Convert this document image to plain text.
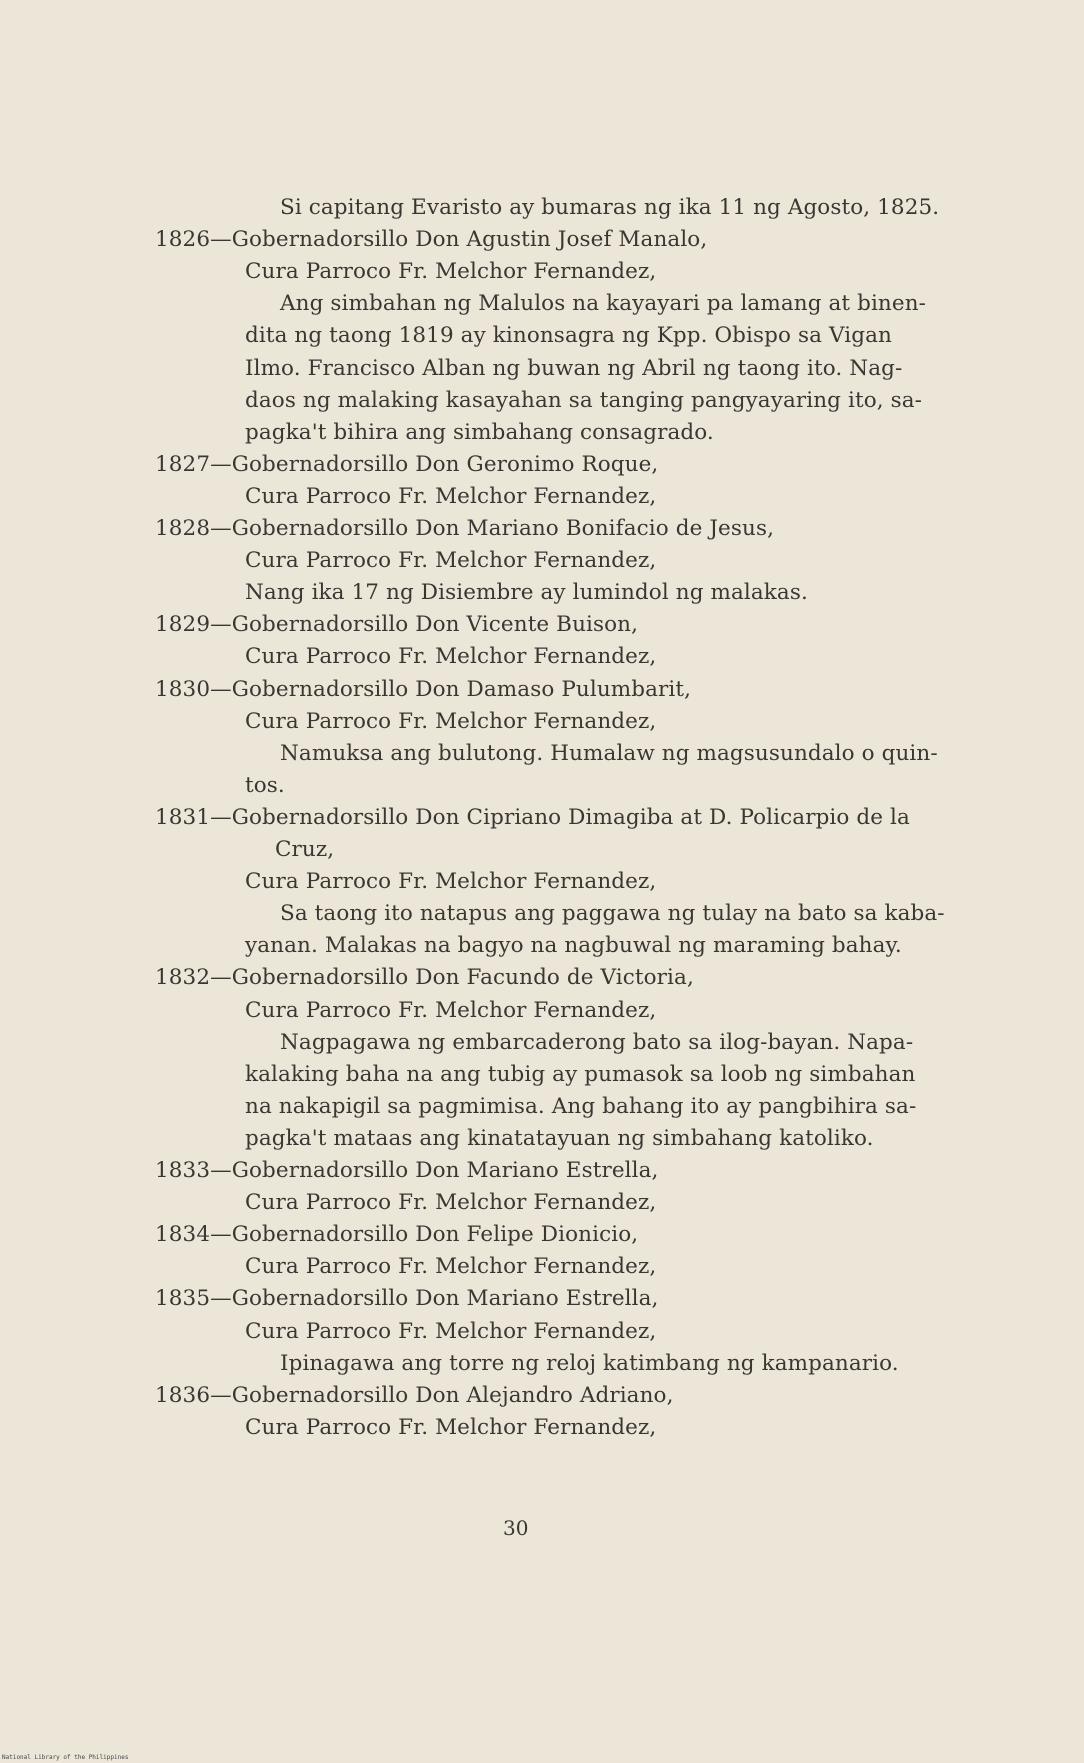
Si capitang Evaristo ay bumaras ng ika 11 ng Agosto, 1825.
1826—Gobernadorsillo Don Agustin Josef Manalo,
Cura Parroco Fr. Melchor Fernandez,
Ang simbahan ng Malulos na kayayari pa lamang at binen-
dita ng taong 1819 ay kinonsagra ng Kpp. Obispo sa Vigan
Ilmo. Francisco Alban ng buwan ng Abril ng taong ito. Nag-
daos ng malaking kasayahan sa tanging pangyayaring ito, sa-
pagka't bihira ang simbahang consagrado.
1827—Gobernadorsillo Don Geronimo Roque,
Cura Parroco Fr. Melchor Fernandez,
1828—Gobernadorsillo Don Mariano Bonifacio de Jesus,
Cura Parroco Fr. Melchor Fernandez,
Nang ika 17 ng Disiembre ay lumindol ng malakas.
1829—Gobernadorsillo Don Vicente Buison,
Cura Parroco Fr. Melchor Fernandez,
1830—Gobernadorsillo Don Damaso Pulumbarit,
Cura Parroco Fr. Melchor Fernandez,
Namuksa ang bulutong. Humalaw ng magsusundalo o quin-
tos.
1831—Gobernadorsillo Don Cipriano Dimagiba at D. Policarpio de la
Cruz,
Cura Parroco Fr. Melchor Fernandez,
Sa taong ito natapus ang paggawa ng tulay na bato sa kaba-
yanan. Malakas na bagyo na nagbuwal ng maraming bahay.
1832—Gobernadorsillo Don Facundo de Victoria,
Cura Parroco Fr. Melchor Fernandez,
Nagpagawa ng embarcaderong bato sa ilog-bayan. Napa-
kalaking baha na ang tubig ay pumasok sa loob ng simbahan
na nakapigil sa pagmimisa. Ang bahang ito ay pangbihira sa-
pagka't mataas ang kinatatayuan ng simbahang katoliko.
1833—Gobernadorsillo Don Mariano Estrella,
Cura Parroco Fr. Melchor Fernandez,
1834—Gobernadorsillo Don Felipe Dionicio,
Cura Parroco Fr. Melchor Fernandez,
1835—Gobernadorsillo Don Mariano Estrella,
Cura Parroco Fr. Melchor Fernandez,
Ipinagawa ang torre ng reloj katimbang ng kampanario.
1836—Gobernadorsillo Don Alejandro Adriano,
Cura Parroco Fr. Melchor Fernandez,
30
National Library of the Philippines
